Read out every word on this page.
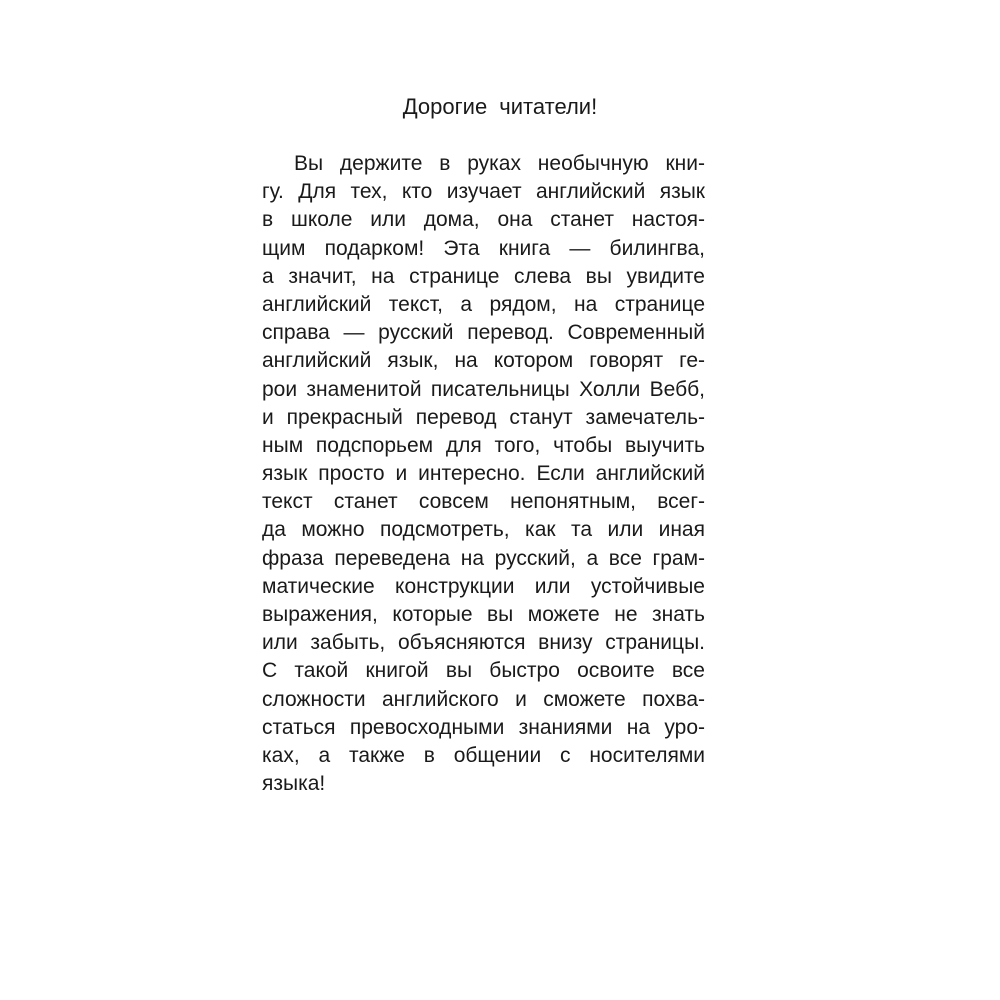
Дорогие читатели!
Вы держите в руках необычную кни-
гу. Для тех, кто изучает английский язык
в школе или дома, она станет настоя-
щим подарком! Эта книга — билингва,
а значит, на странице слева вы увидите
английский текст, а рядом, на странице
справа — русский перевод. Современный
английский язык, на котором говорят ге-
рои знаменитой писательницы Холли Вебб,
и прекрасный перевод станут замечатель-
ным подспорьем для того, чтобы выучить
язык просто и интересно. Если английский
текст станет совсем непонятным, всег-
да можно подсмотреть, как та или иная
фраза переведена на русский, а все грам-
матические конструкции или устойчивые
выражения, которые вы можете не знать
или забыть, объясняются внизу страницы.
С такой книгой вы быстро освоите все
сложности английского и сможете похва-
статься превосходными знаниями на уро-
ках, а также в общении с носителями
языка!
